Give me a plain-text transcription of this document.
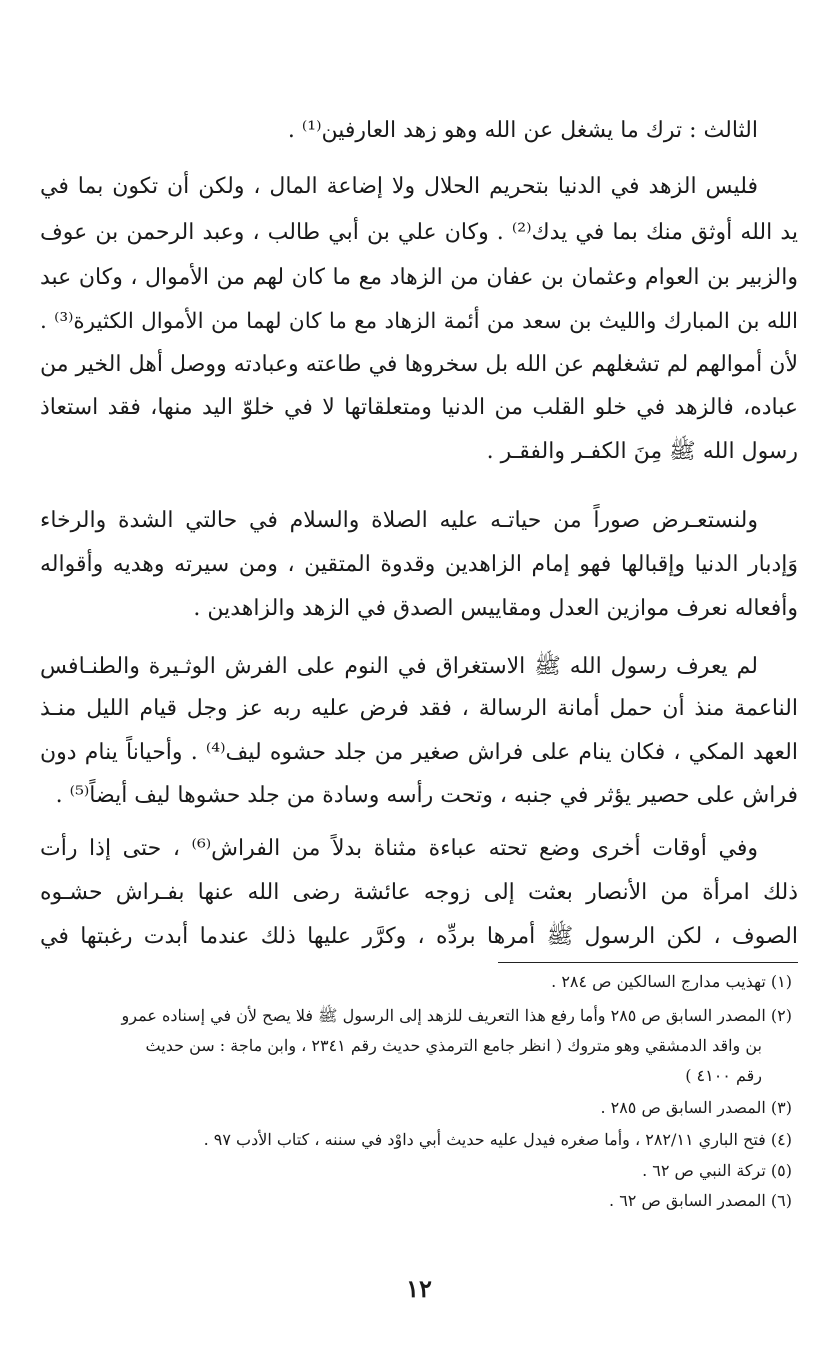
الثالث : ترك ما يشغل عن الله وهو زهد العارفين⁽¹⁾ .

فليس الزهد في الدنيا بتحريم الحلال ولا إضاعة المال ، ولكن أن تكون بما في

يد الله أوثق منك بما في يدك⁽²⁾ . وكان علي بن أبي طالب ، وعبد الرحمن بن عوف

والزبير بن العوام وعثمان بن عفان من الزهاد مع ما كان لهم من الأموال ، وكان عبد

الله بن المبارك والليث بن سعد من أئمة الزهاد مع ما كان لهما من الأموال الكثيرة⁽³⁾ .

لأن أموالهم لم تشغلهم عن الله بل سخروها في طاعته وعبادته ووصل أهل الخير من

عباده، فالزهد في خلو القلب من الدنيا ومتعلقاتها لا في خلوّ اليد منها، فقد استعاذ

رسول الله ﷺ مِنَ الكفـر والفقـر .

ولنستعـرض صوراً من حياتـه عليه الصلاة والسلام في حالتي الشدة والرخاء

وَإدبار الدنيا وإقبالها فهو إمام الزاهدين وقدوة المتقين ، ومن سيرته وهديه وأقواله

وأفعاله نعرف موازين العدل ومقاييس الصدق في الزهد والزاهدين .

لم يعرف رسول الله ﷺ الاستغراق في النوم على الفرش الوثـيرة والطنـافس

الناعمة منذ أن حمل أمانة الرسالة ، فقد فرض عليه ربه عز وجل قيام الليل منـذ

العهد المكي ، فكان ينام على فراش صغير من جلد حشوه ليف⁽⁴⁾ . وأحياناً ينام دون

فراش على حصير يؤثر في جنبه ، وتحت رأسه وسادة من جلد حشوها ليف أيضاً⁽⁵⁾ .

وفي أوقات أخرى وضع تحته عباءة مثناة بدلاً من الفراش⁽⁶⁾ ، حتى إذا رأت

ذلك امرأة من الأنصار بعثت إلى زوجه عائشة رضى الله عنها بفـراش حشـوه

الصوف ، لكن الرسول ﷺ أمرها بردِّه ، وكرَّر عليها ذلك عندما أبدت رغبتها في

(١) تهذيب مدارج السالكين ص ٢٨٤ .

(٢) المصدر السابق ص ٢٨٥ وأما رفع هذا التعريف للزهد إلى الرسول ﷺ فلا يصح لأن في إسناده عمرو

بن واقد الدمشقي وهو متروك ( انظر جامع الترمذي حديث رقم ٢٣٤١ ، وابن ماجة : سن حديث

رقم ٤١٠٠ )

(٣) المصدر السابق ص ٢٨٥ .

(٤) فتح الباري ٢٨٢/١١ ، وأما صغره فيدل عليه حديث أبي داوْد في سننه ، كتاب الأدب ٩٧ .

(٥) تركة النبي ص ٦٢ .

(٦) المصدر السابق ص ٦٢ .

١٢
